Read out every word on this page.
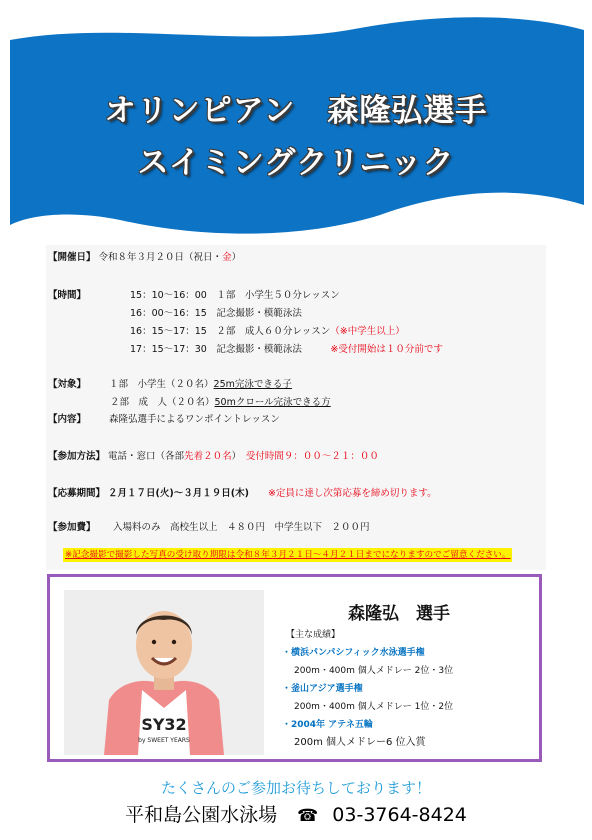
オリンピアン　森隆弘選手
スイミングクリニック
【開催日】 令和８年３月２０日（祝日・金）
【時間】	15：10～16：00　 １部　小学生５０分レッスン
16：00～16：15　 記念撮影・模範泳法
16：15～17：15　 ２部　成人６０分レッスン（※中学生以上）
17：15～17：30　 記念撮影・模範泳法　　　	※受付開始は１０分前です
【対象】 １部　小学生（２０名）25m完泳できる子
２部　成　人（２０名）50mクロール完泳できる方
【内容】 森隆弘選手によるワンポイントレッスン
【参加方法】 電話・窓口（各部先着２０名）　 受付時間９：００～２１：００
【応募期間】 ２月１７日(火)～３月１９日(木)　　 ※定員に達し次第応募を締め切ります。
【参加費】 入場料のみ　高校生以上　４８０円　中学生以下　２００円
※記念撮影で撮影した写真の受け取り期限は令和８年３月２１日～４月２１日までになりますのでご留意ください。
SY32
by SWEET YEARS
森隆弘　選手
【主な成績】
・横浜パンパシフィック水泳選手権
200m・400m 個人メドレー 2位・3位
・釜山アジア選手権
200m・400m 個人メドレー 1位・2位
・2004年 アテネ五輪
200m 個人メドレー6 位入賞
たくさんのご参加お待ちしております！
平和島公園水泳場 ☎ 03-3764-8424
